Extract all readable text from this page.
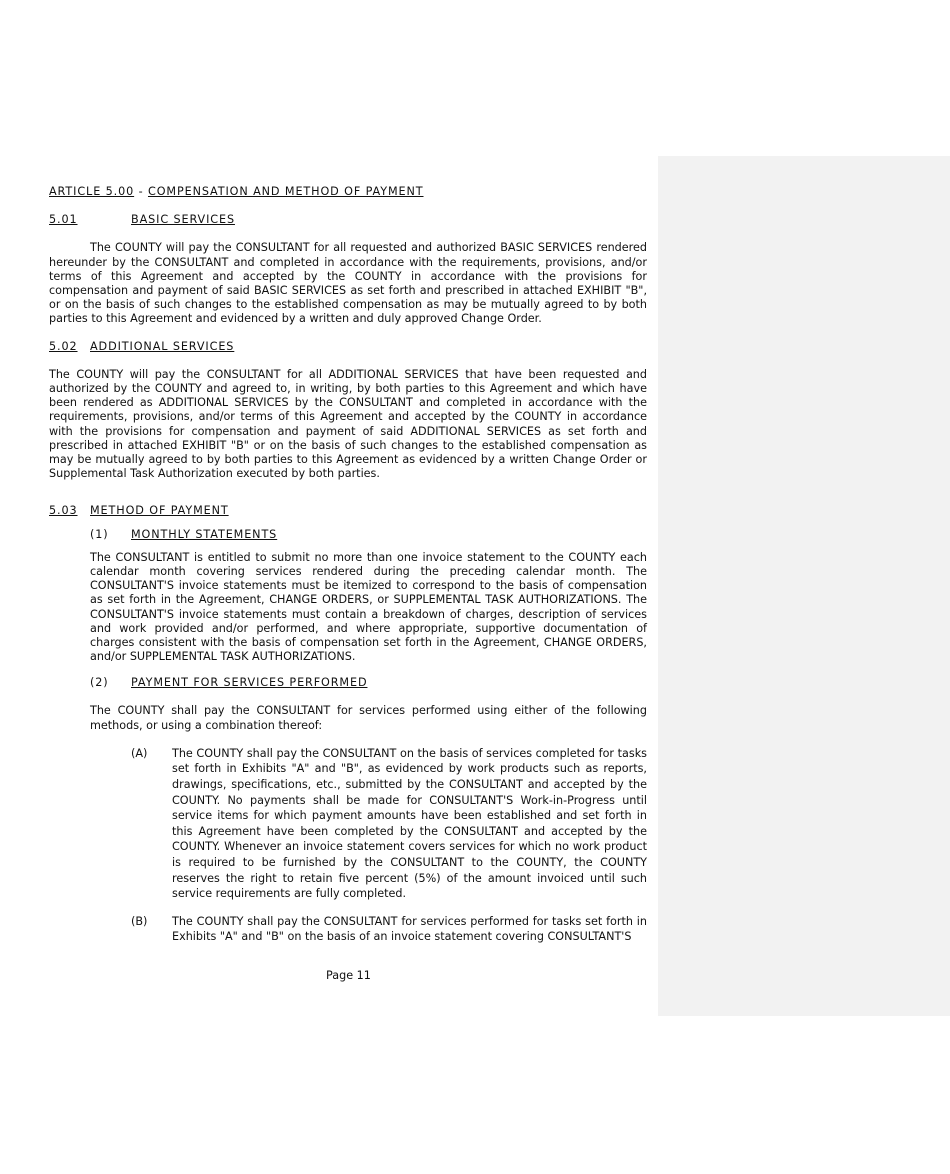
ARTICLE 5.00 - COMPENSATION AND METHOD OF PAYMENT

5.01	BASIC SERVICES

The COUNTY will pay the CONSULTANT for all requested and authorized BASIC SERVICES rendered hereunder by the CONSULTANT and completed in accordance with the requirements, provisions, and/or terms of this Agreement and accepted by the COUNTY in accordance with the provisions for compensation and payment of said BASIC SERVICES as set forth and prescribed in attached EXHIBIT "B", or on the basis of such changes to the established compensation as may be mutually agreed to by both parties to this Agreement and evidenced by a written and duly approved Change Order.

5.02 ADDITIONAL SERVICES

The COUNTY will pay the CONSULTANT for all ADDITIONAL SERVICES that have been requested and authorized by the COUNTY and agreed to, in writing, by both parties to this Agreement and which have been rendered as ADDITIONAL SERVICES by the CONSULTANT and completed in accordance with the requirements, provisions, and/or terms of this Agreement and accepted by the COUNTY in accordance with the provisions for compensation and payment of said ADDITIONAL SERVICES as set forth and prescribed in attached EXHIBIT "B" or on the basis of such changes to the established compensation as may be mutually agreed to by both parties to this Agreement as evidenced by a written Change Order or Supplemental Task Authorization executed by both parties.

5.03 METHOD OF PAYMENT

(1) MONTHLY STATEMENTS

The CONSULTANT is entitled to submit no more than one invoice statement to the COUNTY each calendar month covering services rendered during the preceding calendar month. The CONSULTANT'S invoice statements must be itemized to correspond to the basis of compensation as set forth in the Agreement, CHANGE ORDERS, or SUPPLEMENTAL TASK AUTHORIZATIONS. The CONSULTANT'S invoice statements must contain a breakdown of charges, description of services and work provided and/or performed, and where appropriate, supportive documentation of charges consistent with the basis of compensation set forth in the Agreement, CHANGE ORDERS, and/or SUPPLEMENTAL TASK AUTHORIZATIONS.

(2) PAYMENT FOR SERVICES PERFORMED

The COUNTY shall pay the CONSULTANT for services performed using either of the following methods, or using a combination thereof:

(A)	The COUNTY shall pay the CONSULTANT on the basis of services completed for tasks set forth in Exhibits "A" and "B", as evidenced by work products such as reports, drawings, specifications, etc., submitted by the CONSULTANT and accepted by the COUNTY. No payments shall be made for CONSULTANT'S Work-in-Progress until service items for which payment amounts have been established and set forth in this Agreement have been completed by the CONSULTANT and accepted by the COUNTY. Whenever an invoice statement covers services for which no work product is required to be furnished by the CONSULTANT to the COUNTY, the COUNTY reserves the right to retain five percent (5%) of the amount invoiced until such service requirements are fully completed.

(B)	The COUNTY shall pay the CONSULTANT for services performed for tasks set forth in Exhibits "A" and "B" on the basis of an invoice statement covering CONSULTANT'S

Page 11
